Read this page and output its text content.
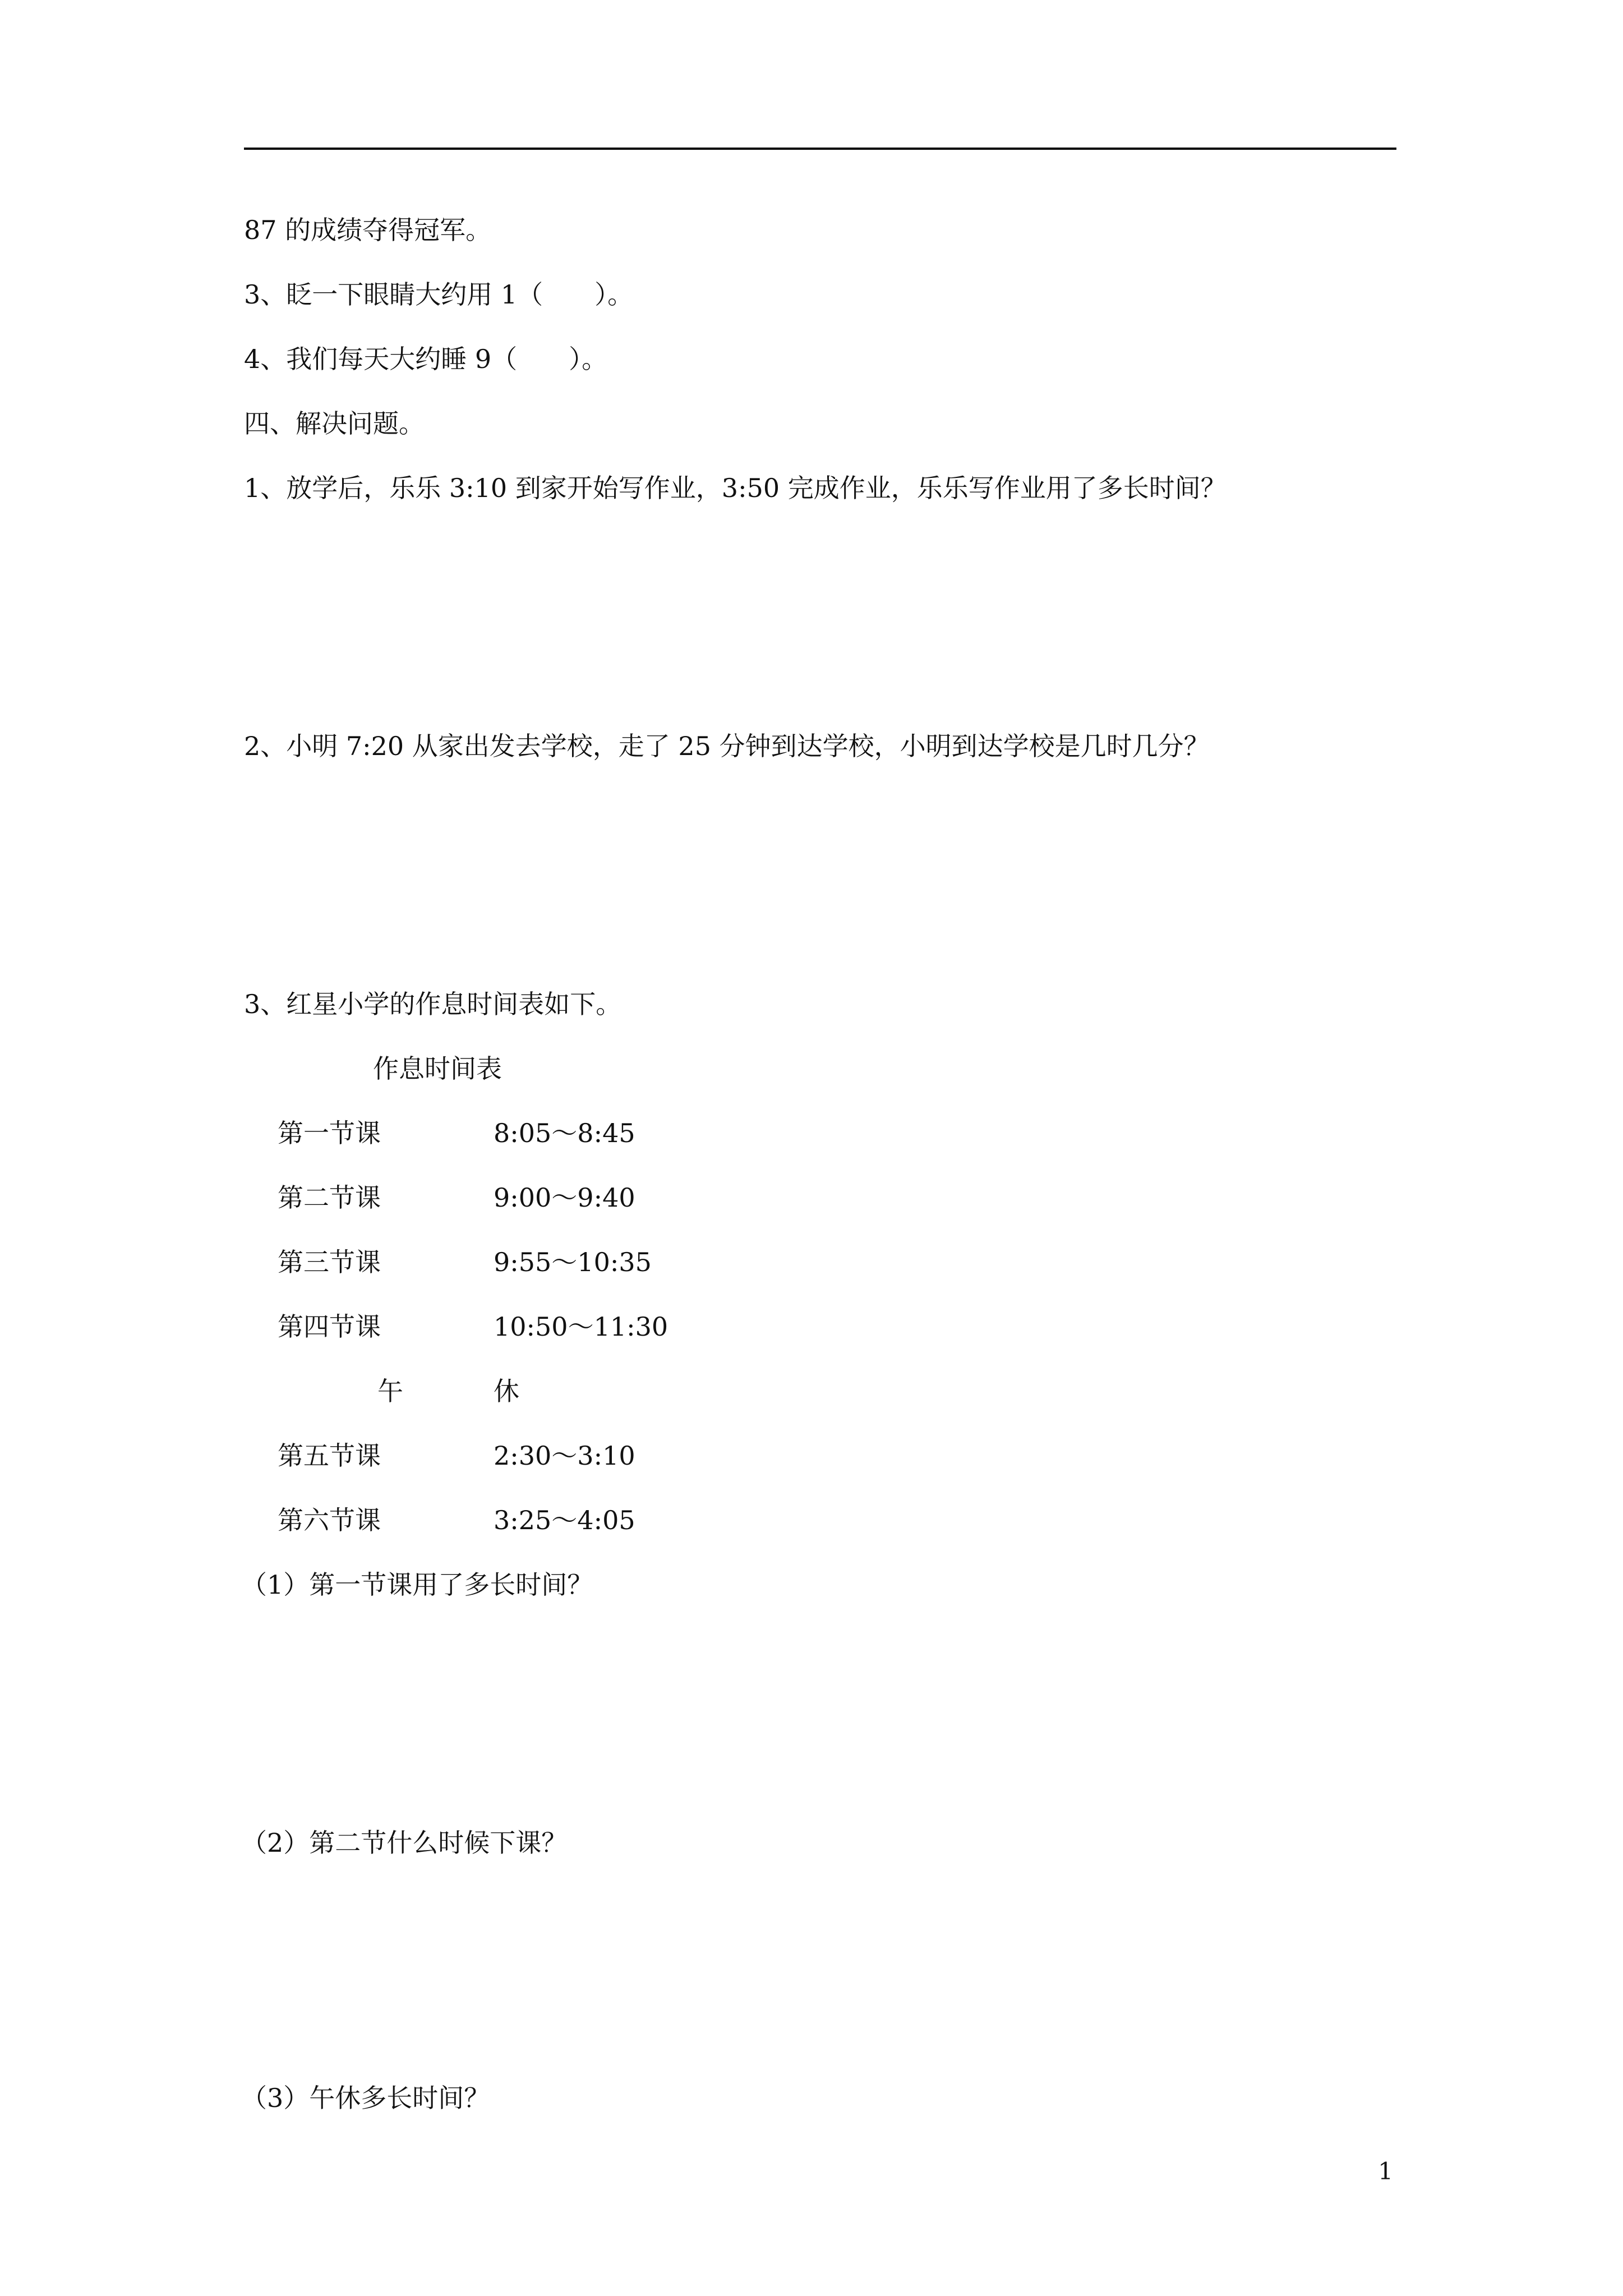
87 的成绩夺得冠军。
3、眨一下眼睛大约用 1（　　）。
4、我们每天大约睡 9（　　）。
四、解决问题。
1、放学后，乐乐 3:10 到家开始写作业，3:50 完成作业，乐乐写作业用了多长时间？
2、小明 7:20 从家出发去学校，走了 25 分钟到达学校，小明到达学校是几时几分？
3、红星小学的作息时间表如下。
作息时间表
第一节课	8:05～8:45
第二节课	9:00～9:40
第三节课	9:55～10:35
第四节课	10:50～11:30
午	休
第五节课	2:30～3:10
第六节课	3:25～4:05
（1）第一节课用了多长时间？
（2）第二节什么时候下课？
（3）午休多长时间？
1
